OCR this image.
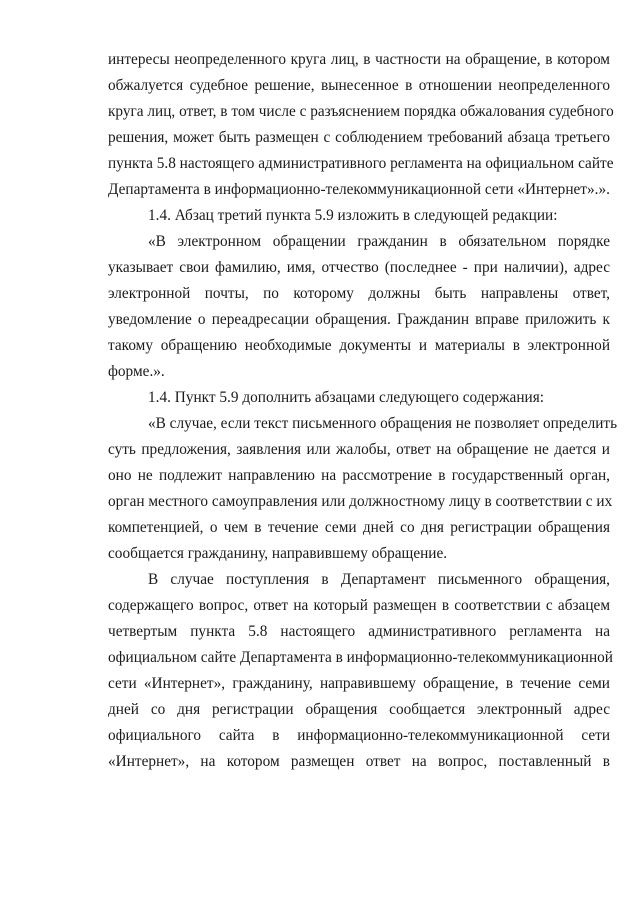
интересы неопределенного круга лиц, в частности на обращение, в котором
обжалуется судебное решение, вынесенное в отношении неопределенного
круга лиц, ответ, в том числе с разъяснением порядка обжалования судебного
решения, может быть размещен с соблюдением требований абзаца третьего
пункта 5.8 настоящего административного регламента на официальном сайте
Департамента в информационно-телекоммуникационной сети «Интернет».».
1.4. Абзац третий пункта 5.9 изложить в следующей редакции:
«В электронном обращении гражданин в обязательном порядке
указывает свои фамилию, имя, отчество (последнее - при наличии), адрес
электронной почты, по которому должны быть направлены ответ,
уведомление о переадресации обращения. Гражданин вправе приложить к
такому обращению необходимые документы и материалы в электронной
форме.».
1.4. Пункт 5.9 дополнить абзацами следующего содержания:
«В случае, если текст письменного обращения не позволяет определить
суть предложения, заявления или жалобы, ответ на обращение не дается и
оно не подлежит направлению на рассмотрение в государственный орган,
орган местного самоуправления или должностному лицу в соответствии с их
компетенцией, о чем в течение семи дней со дня регистрации обращения
сообщается гражданину, направившему обращение.
В случае поступления в Департамент письменного обращения,
содержащего вопрос, ответ на который размещен в соответствии с абзацем
четвертым пункта 5.8 настоящего административного регламента на
официальном сайте Департамента в информационно-телекоммуникационной
сети «Интернет», гражданину, направившему обращение, в течение семи
дней со дня регистрации обращения сообщается электронный адрес
официального сайта в информационно-телекоммуникационной сети
«Интернет», на котором размещен ответ на вопрос, поставленный в
